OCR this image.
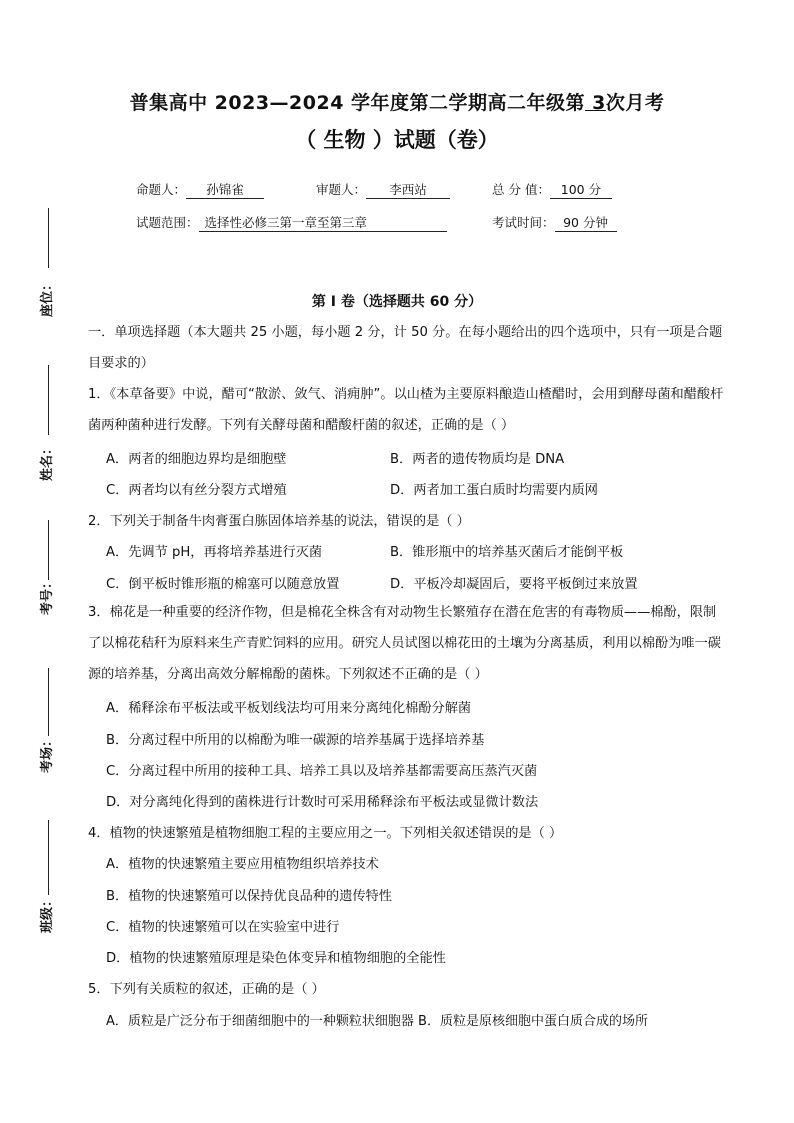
普集高中 2023—2024 学年度第二学期高二年级第 3次月考
（ 生物 ）试题（卷）
命题人： 孙锦雀	审题人： 李西站	总 分 值： 100 分
试题范围： 选择性必修三第一章至第三章	考试时间： 90 分钟
座位：
姓名：
考号：
考场：
班级：
第 I 卷（选择题共 60 分）
一．单项选择题（本大题共 25 小题，每小题 2 分，计 50 分。在每小题给出的四个选项中，只有一项是合题目要求的）
1．《本草备要》中说，醋可“散淤、敛气、消痈肿”。以山楂为主要原料酿造山楂醋时，会用到酵母菌和醋酸杆菌两种菌种进行发酵。下列有关酵母菌和醋酸杆菌的叙述，正确的是（ ）
A．两者的细胞边界均是细胞壁	B．两者的遗传物质均是 DNA
C．两者均以有丝分裂方式增殖	D．两者加工蛋白质时均需要内质网
2．下列关于制备牛肉膏蛋白胨固体培养基的说法，错误的是（ ）
A．先调节 pH，再将培养基进行灭菌	B．锥形瓶中的培养基灭菌后才能倒平板
C．倒平板时锥形瓶的棉塞可以随意放置	D．平板冷却凝固后，要将平板倒过来放置
3．棉花是一种重要的经济作物，但是棉花全株含有对动物生长繁殖存在潜在危害的有毒物质——棉酚，限制了以棉花秸秆为原料来生产青贮饲料的应用。研究人员试图以棉花田的土壤为分离基质，利用以棉酚为唯一碳源的培养基，分离出高效分解棉酚的菌株。下列叙述不正确的是（ ）
A．稀释涂布平板法或平板划线法均可用来分离纯化棉酚分解菌
B．分离过程中所用的以棉酚为唯一碳源的培养基属于选择培养基
C．分离过程中所用的接种工具、培养工具以及培养基都需要高压蒸汽灭菌
D．对分离纯化得到的菌株进行计数时可采用稀释涂布平板法或显微计数法
4．植物的快速繁殖是植物细胞工程的主要应用之一。下列相关叙述错误的是（ ）
A．植物的快速繁殖主要应用植物组织培养技术
B．植物的快速繁殖可以保持优良品种的遗传特性
C．植物的快速繁殖可以在实验室中进行
D．植物的快速繁殖原理是染色体变异和植物细胞的全能性
5．下列有关质粒的叙述，正确的是（ ）
A．质粒是广泛分布于细菌细胞中的一种颗粒状细胞器 B．质粒是原核细胞中蛋白质合成的场所
